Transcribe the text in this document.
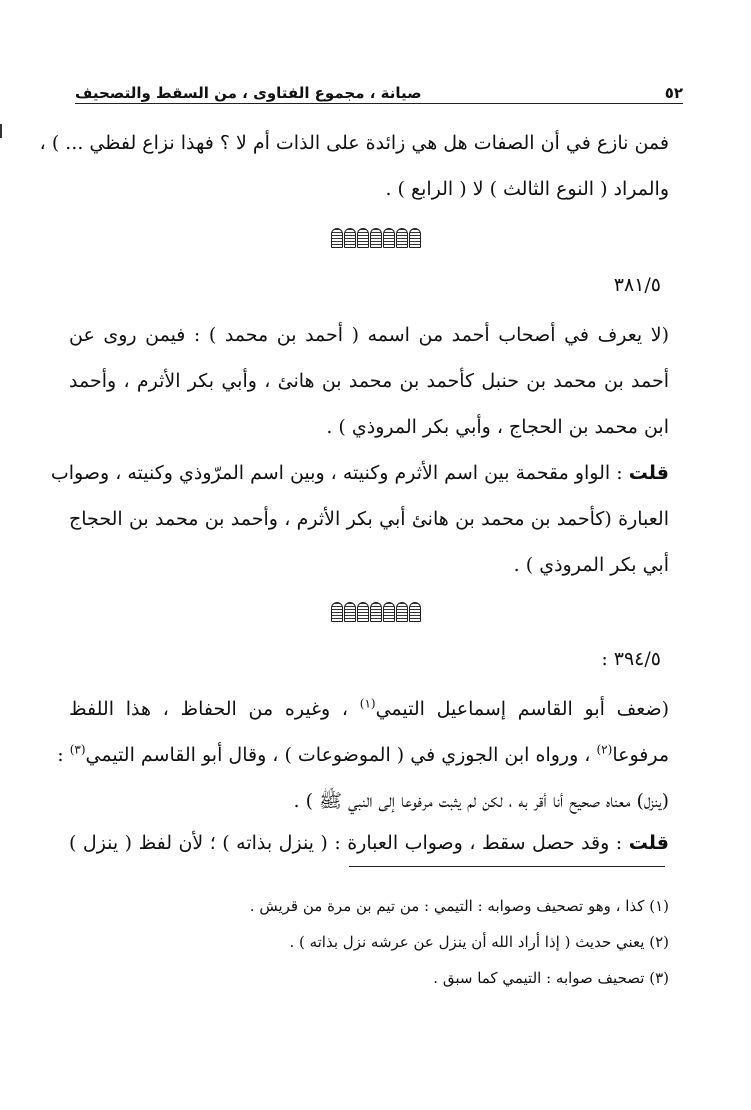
٥٢
صيانة ، مجموع الفتاوى ، من السقط والتصحيف
فمن نازع في أن الصفات هل هي زائدة على الذات أم لا ؟ فهذا نزاع لفظي ... ) ،
والمراد ( النوع الثالث ) لا ( الرابع ) .
٣٨١/٥
(لا يعرف في أصحاب أحمد من اسمه ( أحمد بن محمد ) : فيمن روى عن
أحمد بن محمد بن حنبل كأحمد بن محمد بن هانئ ، وأبي بكر الأثرم ، وأحمد
ابن محمد بن الحجاج ، وأبي بكر المروذي ) .
قلت : الواو مقحمة بين اسم الأثرم وكنيته ، وبين اسم المرّوذي وكنيته ، وصواب
العبارة (كأحمد بن محمد بن هانئ أبي بكر الأثرم ، وأحمد بن محمد بن الحجاج
أبي بكر المروذي ) .
٣٩٤/٥ :
(ضعف أبو القاسم إسماعيل التيمي$^{(١)}$ ، وغيره من الحفاظ ، هذا اللفظ
مرفوعا$^{(٢)}$ ، ورواه ابن الجوزي في ( الموضوعات ) ، وقال أبو القاسم التيمي$^{(٣)}$ :
(ينزل) معناه صحيح أنا أقر به ، لكن لم يثبت مرفوعا إلى النبي ﷺ ) .
قلت : وقد حصل سقط ، وصواب العبارة : ( ينزل بذاته ) ؛ لأن لفظ ( ينزل )
(١) كذا ، وهو تصحيف وصوابه : التيمي : من تيم بن مرة من قريش .
(٢) يعني حديث ( إذا أراد الله أن ينزل عن عرشه نزل بذاته ) .
(٣) تصحيف صوابه : التيمي كما سبق .
